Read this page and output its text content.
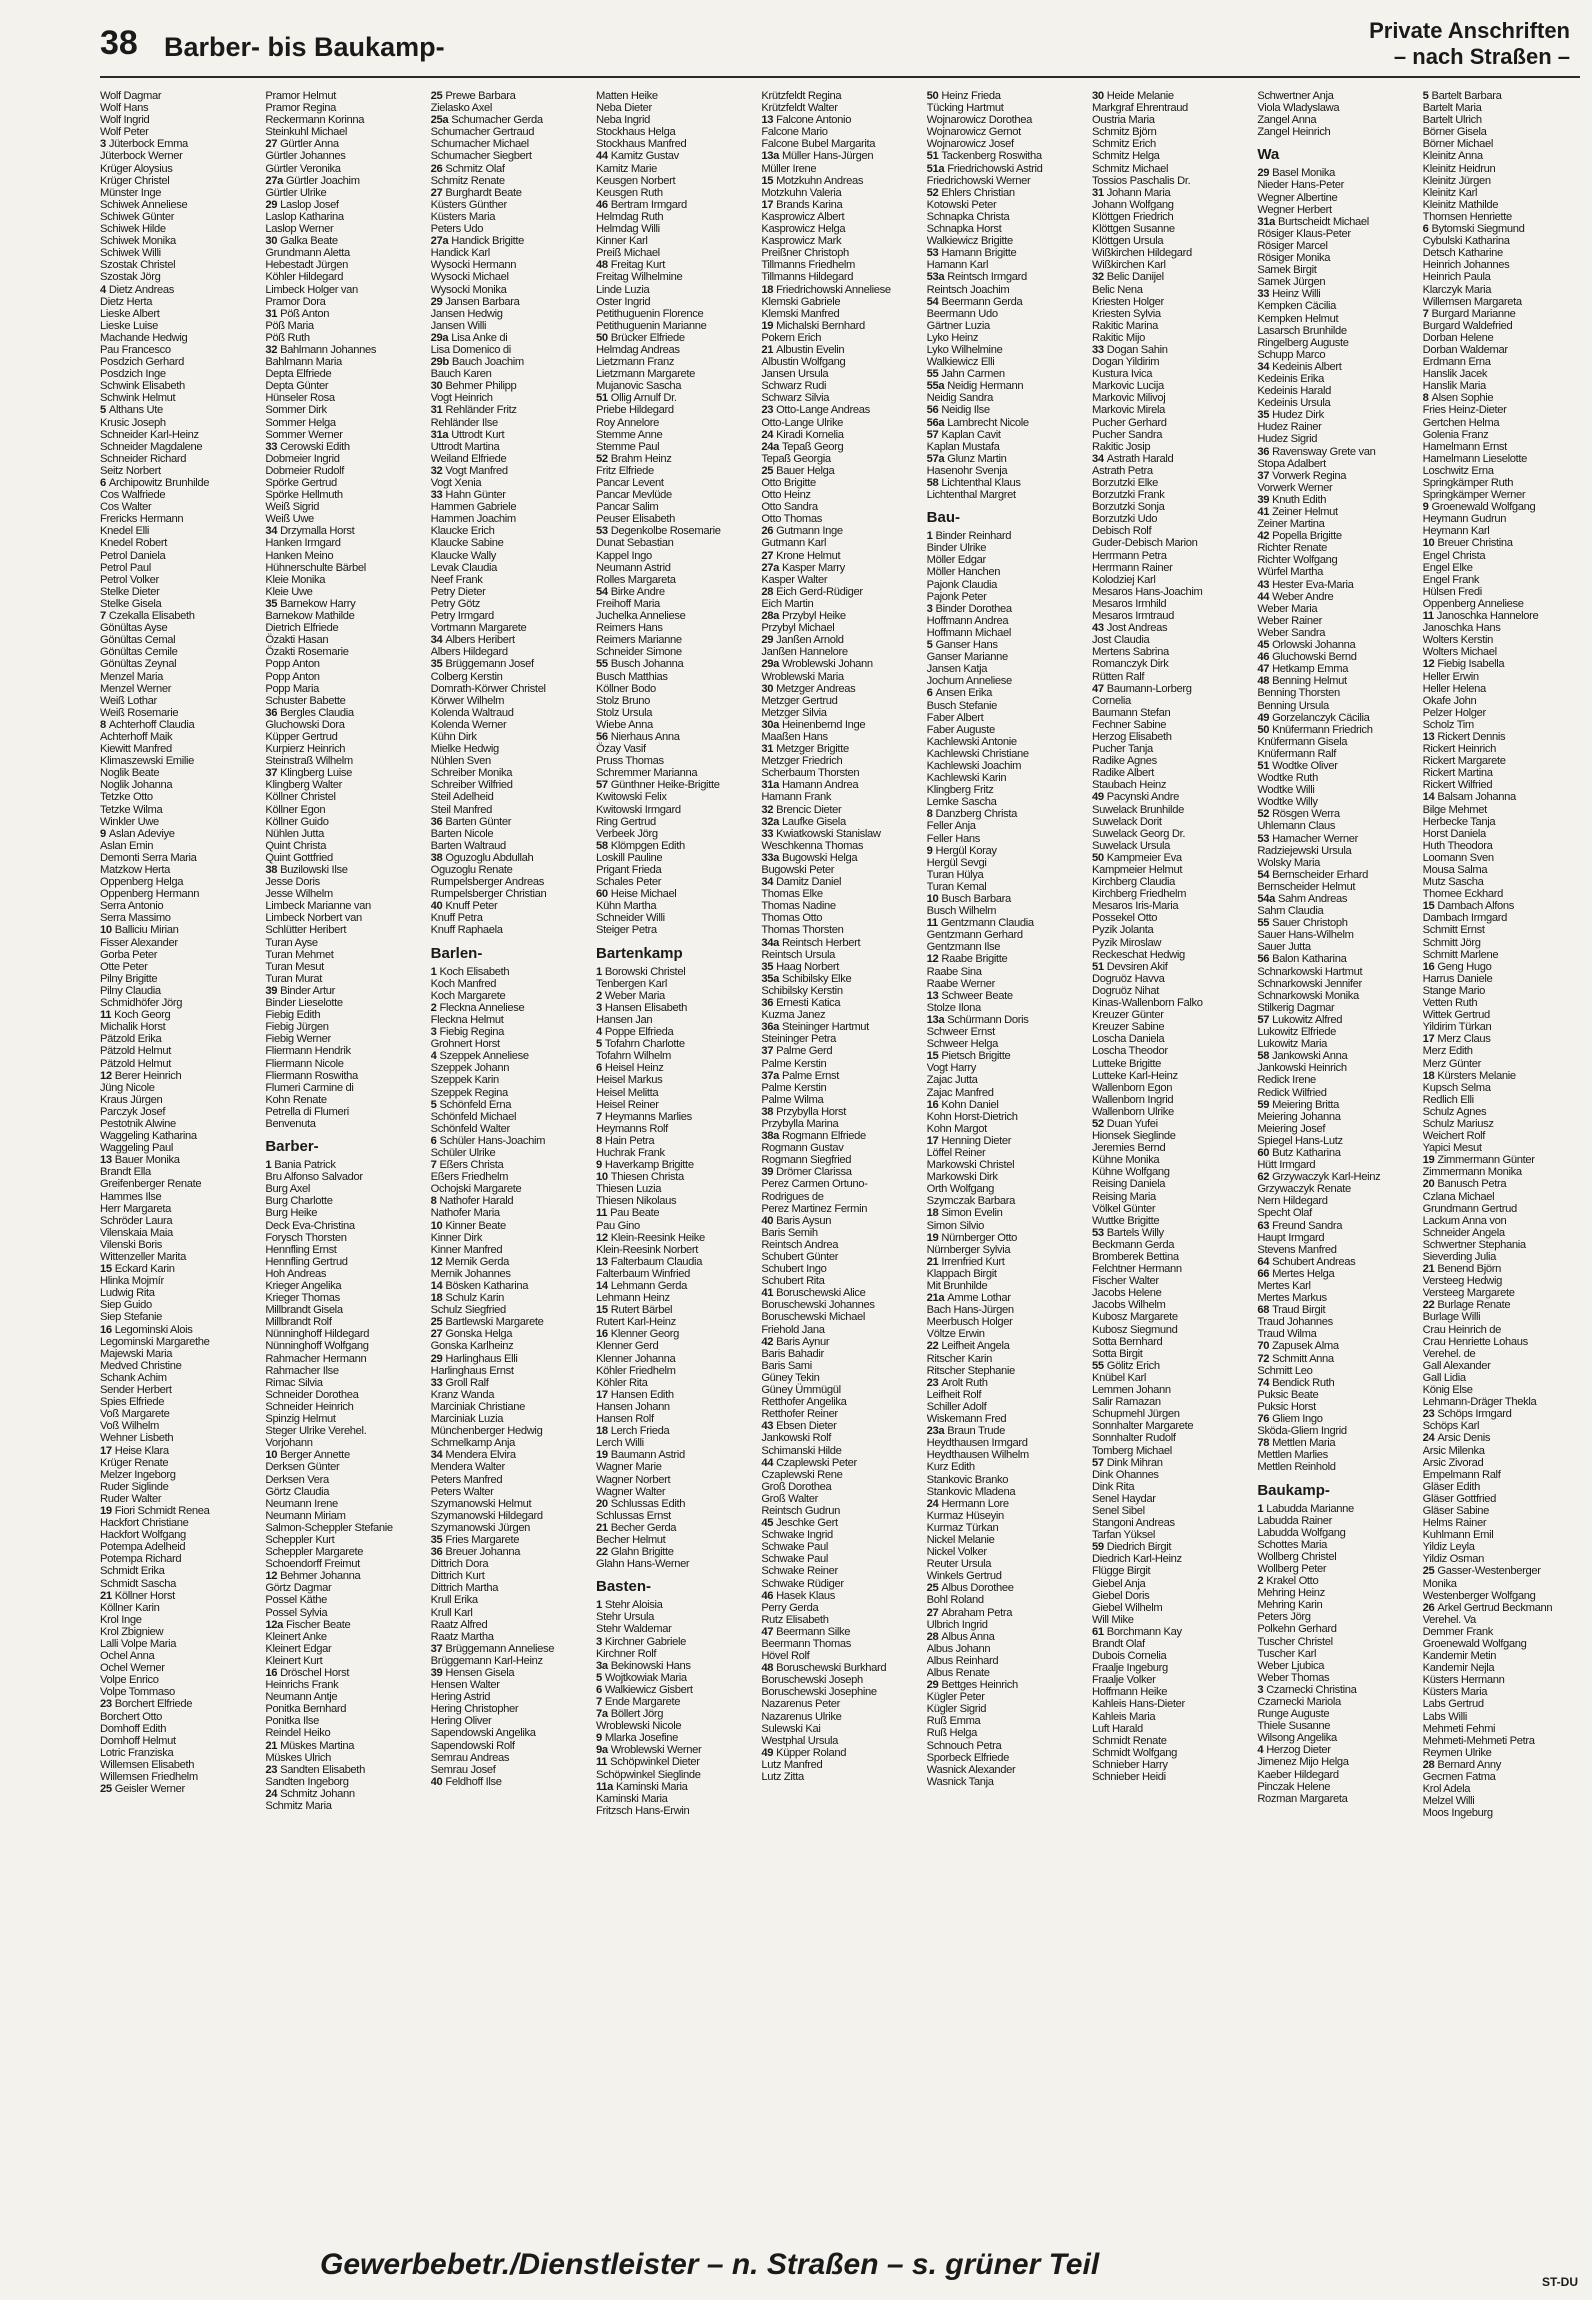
38 Barber- bis Baukamp-
Private Anschriften
– nach Straßen –
Wolf Dagmar
Wolf Hans
Wolf Ingrid
Wolf Peter
3 Jüterbock Emma
Jüterbock Werner
Krüger Aloysius
Krüger Christel
Münster Inge
Schiwek Anneliese
Schiwek Günter
Schiwek Hilde
Schiwek Monika
Schiwek Willi
Szostak Christel
Szostak Jörg
4 Dietz Andreas
Dietz Herta
Lieske Albert
Lieske Luise
Machande Hedwig
Pau Francesco
Posdzich Gerhard
Posdzich Inge
Schwink Elisabeth
Schwink Helmut
5 Althans Ute
Krusic Joseph
Schneider Karl-Heinz
Schneider Magdalene
Schneider Richard
Seitz Norbert
6 Archipowitz Brunhilde
Cos Walfriede
Cos Walter
Frericks Hermann
Knedel Elli
Knedel Robert
Petrol Daniela
Petrol Paul
Petrol Volker
Stelke Dieter
Stelke Gisela
7 Czekalla Elisabeth
Gönültas Ayse
Gönültas Cemal
Gönültas Cemile
Gönültas Zeynal
Menzel Maria
Menzel Werner
Weiß Lothar
Weiß Rosemarie
8 Achterhoff Claudia
Achterhoff Maik
Kiewitt Manfred
Klimaszewski Emilie
Noglik Beate
Noglik Johanna
Tetzke Otto
Tetzke Wilma
Winkler Uwe
9 Aslan Adeviye
Aslan Emin
Demonti Serra Maria
Matzkow Herta
Oppenberg Helga
Oppenberg Hermann
Serra Antonio
Serra Massimo
10 Balliciu Mirian
Fisser Alexander
Gorba Peter
Otte Peter
Pilny Brigitte
Pilny Claudia
Schmidhöfer Jörg
11 Koch Georg
Michalik Horst
Pätzold Erika
Pätzold Helmut
Pätzold Helmut
12 Berer Heinrich
Jüng Nicole
Kraus Jürgen
Parczyk Josef
Pestotnik Alwine
Waggeling Katharina
Waggeling Paul
13 Bauer Monika
Brandt Ella
Greifenberger Renate
Hammes Ilse
Herr Margareta
Schröder Laura
Vilenskaia Maia
Vilenski Boris
Wittenzeller Marita
15 Eckard Karin
Hlinka Mojmír
Ludwig Rita
Siep Guido
Siep Stefanie
16 Legominski Alois
Legominski Margarethe
Majewski Maria
Medved Christine
Schank Achim
Sender Herbert
Spies Elfriede
Voß Margarete
Voß Wilhelm
Wehner Lisbeth
17 Heise Klara
Krüger Renate
Melzer Ingeborg
Ruder Siglinde
Ruder Walter
19 Fiori Schmidt Renea
Hackfort Christiane
Hackfort Wolfgang
Potempa Adelheid
Potempa Richard
Schmidt Erika
Schmidt Sascha
21 Köllner Horst
Köllner Karin
Krol Inge
Krol Zbigniew
Lalli Volpe Maria
Ochel Anna
Ochel Werner
Volpe Enrico
Volpe Tommaso
23 Borchert Elfriede
Borchert Otto
Domhoff Edith
Domhoff Helmut
Lotric Franziska
Willemsen Elisabeth
Willemsen Friedhelm
25 Geisler Werner
Pramor Helmut
Pramor Regina
Reckermann Korinna
Steinkuhl Michael
27 Gürtler Anna
Gürtler Johannes
Gürtler Veronika
27a Gürtler Joachim
Gürtler Ulrike
29 Laslop Josef
Laslop Katharina
Laslop Werner
30 Galka Beate
Grundmann Aletta
Hebestadt Jürgen
Köhler Hildegard
Limbeck Holger van
Pramor Dora
31 Pöß Anton
Pöß Maria
Pöß Ruth
32 Bahlmann Johannes
Bahlmann Maria
Depta Elfriede
Depta Günter
Hünseler Rosa
Sommer Dirk
Sommer Helga
Sommer Werner
33 Cerowski Edith
Dobmeier Ingrid
Dobmeier Rudolf
Spörke Gertrud
Spörke Hellmuth
Weiß Sigrid
Weiß Uwe
34 Drzymalla Horst
Hanken Irmgard
Hanken Meino
Hühnerschulte Bärbel
Kleie Monika
Kleie Uwe
35 Barnekow Harry
Barnekow Mathilde
Dietrich Elfriede
Özakti Hasan
Özakti Rosemarie
Popp Anton
Popp Anton
Popp Maria
Schuster Babette
36 Bergles Claudia
Gluchowski Dora
Küpper Gertrud
Kurpierz Heinrich
Steinstraß Wilhelm
37 Klingberg Luise
Klingberg Walter
Köllner Christel
Köllner Egon
Köllner Guido
Nühlen Jutta
Quint Christa
Quint Gottfried
38 Buzilowski Ilse
Jesse Doris
Jesse Wilhelm
Limbeck Marianne van
Limbeck Norbert van
Schlütter Heribert
Turan Ayse
Turan Mehmet
Turan Mesut
Turan Murat
39 Binder Artur
Binder Lieselotte
Fiebig Edith
Fiebig Jürgen
Fiebig Werner
Fliermann Hendrik
Fliermann Nicole
Fliermann Roswitha
Flumeri Carmine di
Kohn Renate
Petrella di Flumeri
Benvenuta
Barber-
1 Bania Patrick
Bru Alfonso Salvador
Burg Axel
Burg Charlotte
Burg Heike
Deck Eva-Christina
Forysch Thorsten
Hennfling Ernst
Hennfling Gertrud
Hoh Andreas
Krieger Angelika
Krieger Thomas
Millbrandt Gisela
Millbrandt Rolf
Nünninghoff Hildegard
Nünninghoff Wolfgang
Rahmacher Hermann
Rahmacher Ilse
Rimac Silvia
Schneider Dorothea
Schneider Heinrich
Spinzig Helmut
Steger Ulrike Verehel.
Vorjohann
10 Berger Annette
Derksen Günter
Derksen Vera
Görtz Claudia
Neumann Irene
Neumann Miriam
Salmon-Scheppler Stefanie
Scheppler Kurt
Scheppler Margarete
Schoendorff Freimut
12 Behmer Johanna
Görtz Dagmar
Possel Käthe
Possel Sylvia
12a Fischer Beate
Kleinert Anke
Kleinert Edgar
Kleinert Kurt
16 Dröschel Horst
Heinrichs Frank
Neumann Antje
Ponitka Bernhard
Ponitka Ilse
Reindel Heiko
21 Müskes Martina
Müskes Ulrich
23 Sandten Elisabeth
Sandten Ingeborg
24 Schmitz Johann
Schmitz Maria
25 Prewe Barbara
Zielasko Axel
25a Schumacher Gerda
Schumacher Gertraud
Schumacher Michael
Schumacher Siegbert
26 Schmitz Olaf
Schmitz Renate
27 Burghardt Beate
Küsters Günther
Küsters Maria
Peters Udo
27a Handick Brigitte
Handick Karl
Wysocki Hermann
Wysocki Michael
Wysocki Monika
29 Jansen Barbara
Jansen Hedwig
Jansen Willi
29a Lisa Anke di
Lisa Domenico di
29b Bauch Joachim
Bauch Karen
30 Behmer Philipp
Vogt Heinrich
31 Rehländer Fritz
Rehländer Ilse
31a Uttrodt Kurt
Uttrodt Martina
Weiland Elfriede
32 Vogt Manfred
Vogt Xenia
33 Hahn Günter
Hammen Gabriele
Hammen Joachim
Klaucke Erich
Klaucke Sabine
Klaucke Wally
Levak Claudia
Neef Frank
Petry Dieter
Petry Götz
Petry Irmgard
Vortmann Margarete
34 Albers Heribert
Albers Hildegard
35 Brüggemann Josef
Colberg Kerstin
Domrath-Körwer Christel
Körwer Wilhelm
Kolenda Waltraud
Kolenda Werner
Kühn Dirk
Mielke Hedwig
Nühlen Sven
Schreiber Monika
Schreiber Wilfried
Steil Adelheid
Steil Manfred
36 Barten Günter
Barten Nicole
Barten Waltraud
38 Oguzoglu Abdullah
Oguzoglu Renate
Rumpelsberger Andreas
Rumpelsberger Christian
40 Knuff Peter
Knuff Petra
Knuff Raphaela
Barlen-
1 Koch Elisabeth
Koch Manfred
Koch Margarete
2 Fleckna Anneliese
Fleckna Helmut
3 Fiebig Regina
Grohnert Horst
4 Szeppek Anneliese
Szeppek Johann
Szeppek Karin
Szeppek Regina
5 Schönfeld Erna
Schönfeld Michael
Schönfeld Walter
6 Schüler Hans-Joachim
Schüler Ulrike
7 Eßers Christa
Eßers Friedhelm
Ochojski Margarete
8 Nathofer Harald
Nathofer Maria
10 Kinner Beate
Kinner Dirk
Kinner Manfred
12 Mernik Gerda
Mernik Johannes
14 Bösken Katharina
18 Schulz Karin
Schulz Siegfried
25 Bartlewski Margarete
27 Gonska Helga
Gonska Karlheinz
29 Harlinghaus Elli
Harlinghaus Ernst
33 Groll Ralf
Kranz Wanda
Marciniak Christiane
Marciniak Luzia
Münchenberger Hedwig
Schmelkamp Anja
34 Mendera Elvira
Mendera Walter
Peters Manfred
Peters Walter
Szymanowski Helmut
Szymanowski Hildegard
Szymanowski Jürgen
35 Fries Margarete
36 Breuer Johanna
Dittrich Dora
Dittrich Kurt
Dittrich Martha
Krull Erika
Krull Karl
Raatz Alfred
Raatz Martha
37 Brüggemann Anneliese
Brüggemann Karl-Heinz
39 Hensen Gisela
Hensen Walter
Hering Astrid
Hering Christopher
Hering Oliver
Sapendowski Angelika
Sapendowski Rolf
Semrau Andreas
Semrau Josef
40 Feldhoff Ilse
Matten Heike
Neba Dieter
Neba Ingrid
Stockhaus Helga
Stockhaus Manfred
44 Kamitz Gustav
Kamitz Marie
Keusgen Norbert
Keusgen Ruth
46 Bertram Irmgard
Helmdag Ruth
Helmdag Willi
Kinner Karl
Preiß Michael
48 Freitag Kurt
Freitag Wilhelmine
Linde Luzia
Oster Ingrid
Petithuguenin Florence
Petithuguenin Marianne
50 Brücker Elfriede
Helmdag Andreas
Lietzmann Franz
Lietzmann Margarete
Mujanovic Sascha
51 Ollig Arnulf Dr.
Priebe Hildegard
Roy Annelore
Stemme Anne
Stemme Paul
52 Brahm Heinz
Fritz Elfriede
Pancar Levent
Pancar Mevlüde
Pancar Salim
Peuser Elisabeth
53 Degenkolbe Rosemarie
Dunat Sebastian
Kappel Ingo
Neumann Astrid
Rolles Margareta
54 Birke Andre
Freihoff Maria
Juchelka Anneliese
Reimers Hans
Reimers Marianne
Schneider Simone
55 Busch Johanna
Busch Matthias
Köllner Bodo
Stolz Bruno
Stolz Ursula
Wiebe Anna
56 Nierhaus Anna
Özay Vasif
Pruss Thomas
Schremmer Marianna
57 Günthner Heike-Brigitte
Kwitowski Felix
Kwitowski Irmgard
Ring Gertrud
Verbeek Jörg
58 Klömpgen Edith
Loskill Pauline
Prigant Frieda
Schales Peter
60 Heise Michael
Kühn Martha
Schneider Willi
Steiger Petra
Bartenkamp
1 Borowski Christel
Tenbergen Karl
2 Weber Maria
3 Hansen Elisabeth
Hansen Jan
4 Poppe Elfrieda
5 Tofahrn Charlotte
Tofahrn Wilhelm
6 Heisel Heinz
Heisel Markus
Heisel Melitta
Heisel Reiner
7 Heymanns Marlies
Heymanns Rolf
8 Hain Petra
Huchrak Frank
9 Haverkamp Brigitte
10 Thiesen Christa
Thiesen Luzia
Thiesen Nikolaus
11 Pau Beate
Pau Gino
12 Klein-Reesink Heike
Klein-Reesink Norbert
13 Falterbaum Claudia
Falterbaum Winfried
14 Lehmann Gerda
Lehmann Heinz
15 Rutert Bärbel
Rutert Karl-Heinz
16 Klenner Georg
Klenner Gerd
Klenner Johanna
Köhler Friedhelm
Köhler Rita
17 Hansen Edith
Hansen Johann
Hansen Rolf
18 Lerch Frieda
Lerch Willi
19 Baumann Astrid
Wagner Marie
Wagner Norbert
Wagner Walter
20 Schlussas Edith
Schlussas Ernst
21 Becher Gerda
Becher Helmut
22 Glahn Brigitte
Glahn Hans-Werner
Basten-
1 Stehr Aloisia
Stehr Ursula
Stehr Waldemar
3 Kirchner Gabriele
Kirchner Rolf
3a Bekinowski Hans
5 Wojtkowiak Maria
6 Walkiewicz Gisbert
7 Ende Margarete
7a Böllert Jörg
Wroblewski Nicole
9 Mlarka Josefine
9a Wroblewski Werner
11 Schöpwinkel Dieter
Schöpwinkel Sieglinde
11a Kaminski Maria
Kaminski Maria
Fritzsch Hans-Erwin
Krützfeldt Regina
Krützfeldt Walter
13 Falcone Antonio
Falcone Mario
Falcone Bubel Margarita
13a Müller Hans-Jürgen
Müller Irene
15 Motzkuhn Andreas
Motzkuhn Valeria
17 Brands Karina
Kasprowicz Albert
Kasprowicz Helga
Kasprowicz Mark
Preißner Christoph
Tillmanns Friedhelm
Tillmanns Hildegard
18 Friedrichowski Anneliese
Klemski Gabriele
Klemski Manfred
19 Michalski Bernhard
Pokern Erich
21 Albustin Evelin
Albustin Wolfgang
Jansen Ursula
Schwarz Rudi
Schwarz Silvia
23 Otto-Lange Andreas
Otto-Lange Ulrike
24 Kiradi Kornelia
24a Tepaß Georg
Tepaß Georgia
25 Bauer Helga
Otto Brigitte
Otto Heinz
Otto Sandra
Otto Thomas
26 Gutmann Inge
Gutmann Karl
27 Krone Helmut
27a Kasper Marry
Kasper Walter
28 Eich Gerd-Rüdiger
Eich Martin
28a Przybyl Heike
Przybyl Michael
29 Janßen Arnold
Janßen Hannelore
29a Wroblewski Johann
Wroblewski Maria
30 Metzger Andreas
Metzger Gertrud
Metzger Silvia
30a Heinenbernd Inge
Maaßen Hans
31 Metzger Brigitte
Metzger Friedrich
Scherbaum Thorsten
31a Hamann Andrea
Hamann Frank
32 Brencic Dieter
32a Laufke Gisela
33 Kwiatkowski Stanislaw
Weschkenna Thomas
33a Bugowski Helga
Bugowski Peter
34 Damitz Daniel
Thomas Elke
Thomas Nadine
Thomas Otto
Thomas Thorsten
34a Reintsch Herbert
Reintsch Ursula
35 Haag Norbert
35a Schibilsky Elke
Schibilsky Kerstin
36 Ernesti Katica
Kuzma Janez
36a Steininger Hartmut
Steininger Petra
37 Palme Gerd
Palme Kerstin
37a Palme Ernst
Palme Kerstin
Palme Wilma
38 Przybylla Horst
Przybylla Marina
38a Rogmann Elfriede
Rogmann Gustav
Rogmann Siegfried
39 Drömer Clarissa
Perez Carmen Ortuno-
Rodrigues de
Perez Martinez Fermin
40 Baris Aysun
Baris Semih
Reintsch Andrea
Schubert Günter
Schubert Ingo
Schubert Rita
41 Boruschewski Alice
Boruschewski Johannes
Boruschewski Michael
Friehold Jana
42 Baris Aynur
Baris Bahadir
Baris Sami
Güney Tekin
Güney Ümmügül
Retthofer Angelika
Retthofer Reiner
43 Ebsen Dieter
Jankowski Rolf
Schimanski Hilde
44 Czaplewski Peter
Czaplewski Rene
Groß Dorothea
Groß Walter
Reintsch Gudrun
45 Jeschke Gert
Schwake Ingrid
Schwake Paul
Schwake Paul
Schwake Reiner
Schwake Rüdiger
46 Hasek Klaus
Perry Gerda
Rutz Elisabeth
47 Beermann Silke
Beermann Thomas
Hövel Rolf
48 Boruschewski Burkhard
Boruschewski Joseph
Boruschewski Josephine
Nazarenus Peter
Nazarenus Ulrike
Sulewski Kai
Westphal Ursula
49 Küpper Roland
Lutz Manfred
Lutz Zitta
50 Heinz Frieda
Tücking Hartmut
Wojnarowicz Dorothea
Wojnarowicz Gernot
Wojnarowicz Josef
51 Tackenberg Roswitha
51a Friedrichowski Astrid
Friedrichowski Werner
52 Ehlers Christian
Kotowski Peter
Schnapka Christa
Schnapka Horst
Walkiewicz Brigitte
53 Hamann Brigitte
Hamann Karl
53a Reintsch Irmgard
Reintsch Joachim
54 Beermann Gerda
Beermann Udo
Gärtner Luzia
Lyko Heinz
Lyko Wilhelmine
Walkiewicz Elli
55 Jahn Carmen
55a Neidig Hermann
Neidig Sandra
56 Neidig Ilse
56a Lambrecht Nicole
57 Kaplan Cavit
Kaplan Mustafa
57a Glunz Martin
Hasenohr Svenja
58 Lichtenthal Klaus
Lichtenthal Margret
Bau-
1 Binder Reinhard
Binder Ulrike
Möller Edgar
Möller Hanchen
Pajonk Claudia
Pajonk Peter
3 Binder Dorothea
Hoffmann Andrea
Hoffmann Michael
5 Ganser Hans
Ganser Marianne
Jansen Katja
Jochum Anneliese
6 Ansen Erika
Busch Stefanie
Faber Albert
Faber Auguste
Kachlewski Antonie
Kachlewski Christiane
Kachlewski Joachim
Kachlewski Karin
Klingberg Fritz
Lemke Sascha
8 Danzberg Christa
Feller Anja
Feller Hans
9 Hergül Koray
Hergül Sevgi
Turan Hülya
Turan Kemal
10 Busch Barbara
Busch Wilhelm
11 Gentzmann Claudia
Gentzmann Gerhard
Gentzmann Ilse
12 Raabe Brigitte
Raabe Sina
Raabe Werner
13 Schweer Beate
Stolze Ilona
13a Schürmann Doris
Schweer Ernst
Schweer Helga
15 Pietsch Brigitte
Vogt Harry
Zajac Jutta
Zajac Manfred
16 Kohn Daniel
Kohn Horst-Dietrich
Kohn Margot
17 Henning Dieter
Löffel Reiner
Markowski Christel
Markowski Dirk
Orth Wolfgang
Szymczak Barbara
18 Simon Evelin
Simon Silvio
19 Nürnberger Otto
Nürnberger Sylvia
21 Irrenfried Kurt
Klappach Birgit
Mit Brunhilde
21a Amme Lothar
Bach Hans-Jürgen
Meerbusch Holger
Völtze Erwin
22 Leifheit Angela
Ritscher Karin
Ritscher Stephanie
23 Arolt Ruth
Leifheit Rolf
Schiller Adolf
Wiskemann Fred
23a Braun Trude
Heydthausen Irmgard
Heydthausen Wilhelm
Kurz Edith
Stankovic Branko
Stankovic Mladena
24 Hermann Lore
Kurmaz Hüseyin
Kurmaz Türkan
Nickel Melanie
Nickel Volker
Reuter Ursula
Winkels Gertrud
25 Albus Dorothee
Bohl Roland
27 Abraham Petra
Ulbrich Ingrid
28 Albus Anna
Albus Johann
Albus Reinhard
Albus Renate
29 Bettges Heinrich
Kügler Peter
Kügler Sigrid
Ruß Emma
Ruß Helga
Schnouch Petra
Sporbeck Elfriede
Wasnick Alexander
Wasnick Tanja
30 Heide Melanie
Markgraf Ehrentraud
Oustria Maria
Schmitz Björn
Schmitz Erich
Schmitz Helga
Schmitz Michael
Tossios Paschalis Dr.
31 Johann Maria
Johann Wolfgang
Klöttgen Friedrich
Klöttgen Susanne
Klöttgen Ursula
Wißkirchen Hildegard
Wißkirchen Karl
32 Belic Danijel
Belic Nena
Kriesten Holger
Kriesten Sylvia
Rakitic Marina
Rakitic Mijo
33 Dogan Sahin
Dogan Yildirim
Kustura Ivica
Markovic Lucija
Markovic Milivoj
Markovic Mirela
Pucher Gerhard
Pucher Sandra
Rakitic Josip
34 Astrath Harald
Astrath Petra
Borzutzki Elke
Borzutzki Frank
Borzutzki Sonja
Borzutzki Udo
Debisch Rolf
Guder-Debisch Marion
Herrmann Petra
Herrmann Rainer
Kolodziej Karl
Mesaros Hans-Joachim
Mesaros Irmhild
Mesaros Irmtraud
43 Jost Andreas
Jost Claudia
Mertens Sabrina
Romanczyk Dirk
Rütten Ralf
47 Baumann-Lorberg
Cornelia
Baumann Stefan
Fechner Sabine
Herzog Elisabeth
Pucher Tanja
Radike Agnes
Radike Albert
Staubach Heinz
49 Pacynski Andre
Suwelack Brunhilde
Suwelack Dorit
Suwelack Georg Dr.
Suwelack Ursula
50 Kampmeier Eva
Kampmeier Helmut
Kirchberg Claudia
Kirchberg Friedhelm
Mesaros Iris-Maria
Possekel Otto
Pyzik Jolanta
Pyzik Miroslaw
Reckeschat Hedwig
51 Devsiren Akif
Dogruöz Havva
Dogruöz Nihat
Kinas-Wallenborn Falko
Kreuzer Günter
Kreuzer Sabine
Loscha Daniela
Loscha Theodor
Lutteke Brigitte
Lutteke Karl-Heinz
Wallenborn Egon
Wallenborn Ingrid
Wallenborn Ulrike
52 Duan Yufei
Hionsek Sieglinde
Jeremies Bernd
Kühne Monika
Kühne Wolfgang
Reising Daniela
Reising Maria
Völkel Günter
Wuttke Brigitte
53 Bartels Willy
Beckmann Gerda
Bromberek Bettina
Felchtner Hermann
Fischer Walter
Jacobs Helene
Jacobs Wilhelm
Kubosz Margarete
Kubosz Siegmund
Sotta Bernhard
Sotta Birgit
55 Gölitz Erich
Knübel Karl
Lemmen Johann
Salir Ramazan
Schupmehl Jürgen
Sonnhalter Margarete
Sonnhalter Rudolf
Tomberg Michael
57 Dink Mihran
Dink Ohannes
Dink Rita
Senel Haydar
Senel Sibel
Stangoni Andreas
Tarfan Yüksel
59 Diedrich Birgit
Diedrich Karl-Heinz
Flügge Birgit
Giebel Anja
Giebel Doris
Giebel Wilhelm
Will Mike
61 Borchmann Kay
Brandt Olaf
Dubois Cornelia
Fraalje Ingeburg
Fraalje Volker
Hoffmann Heike
Kahleis Hans-Dieter
Kahleis Maria
Luft Harald
Schmidt Renate
Schmidt Wolfgang
Schnieber Harry
Schnieber Heidi
Schwertner Anja
Viola Wladyslawa
Zangel Anna
Zangel Heinrich
Wa
29 Basel Monika
Nieder Hans-Peter
Wegner Albertine
Wegner Herbert
31a Burtscheidt Michael
Rösiger Klaus-Peter
Rösiger Marcel
Rösiger Monika
Samek Birgit
Samek Jürgen
33 Heinz Willi
Kempken Cäcilia
Kempken Helmut
Lasarsch Brunhilde
Ringelberg Auguste
Schupp Marco
34 Kedeinis Albert
Kedeinis Erika
Kedeinis Harald
Kedeinis Ursula
35 Hudez Dirk
Hudez Rainer
Hudez Sigrid
36 Ravensway Grete van
Stopa Adalbert
37 Vorwerk Regina
Vorwerk Werner
39 Knuth Edith
41 Zeiner Helmut
Zeiner Martina
42 Popella Brigitte
Richter Renate
Richter Wolfgang
Würfel Martha
43 Hester Eva-Maria
44 Weber Andre
Weber Maria
Weber Rainer
Weber Sandra
45 Orlowski Johanna
46 Gluchowski Bernd
47 Hetkamp Emma
48 Benning Helmut
Benning Thorsten
Benning Ursula
49 Gorzelanczyk Cäcilia
50 Knüfermann Friedrich
Knüfermann Gisela
Knüfermann Ralf
51 Wodtke Oliver
Wodtke Ruth
Wodtke Willi
Wodtke Willy
52 Rösgen Werra
Uhlemann Claus
53 Hamacher Werner
Radziejewski Ursula
Wolsky Maria
54 Bernscheider Erhard
Bernscheider Helmut
54a Sahm Andreas
Sahm Claudia
55 Sauer Christoph
Sauer Hans-Wilhelm
Sauer Jutta
56 Balon Katharina
Schnarkowski Hartmut
Schnarkowski Jennifer
Schnarkowski Monika
Stilkerig Dagmar
57 Lukowitz Alfred
Lukowitz Elfriede
Lukowitz Maria
58 Jankowski Anna
Jankowski Heinrich
Redick Irene
Redick Wilfried
59 Meiering Britta
Meiering Johanna
Meiering Josef
Spiegel Hans-Lutz
60 Butz Katharina
Hütt Irmgard
62 Grzywaczyk Karl-Heinz
Grzywaczyk Renate
Nern Hildegard
Specht Olaf
63 Freund Sandra
Haupt Irmgard
Stevens Manfred
64 Schubert Andreas
66 Mertes Helga
Mertes Karl
Mertes Markus
68 Traud Birgit
Traud Johannes
Traud Wilma
70 Zapusek Alma
72 Schmitt Anna
Schmitt Leo
74 Bendick Ruth
Puksic Beate
Puksic Horst
76 Gliem Ingo
Sköda-Gliem Ingrid
78 Mettlen Maria
Mettlen Marlies
Mettlen Reinhold
Baukamp-
1 Labudda Marianne
Labudda Rainer
Labudda Wolfgang
Schottes Maria
Wollberg Christel
Wollberg Peter
2 Krakel Otto
Mehring Heinz
Mehring Karin
Peters Jörg
Polkehn Gerhard
Tuscher Christel
Tuscher Karl
Weber Ljubica
Weber Thomas
3 Czarnecki Christina
Czarnecki Mariola
Runge Auguste
Thiele Susanne
Wilsong Angelika
4 Herzog Dieter
Jimenez Mijo Helga
Kaeber Hildegard
Pinczak Helene
Rozman Margareta
5 Bartelt Barbara
Bartelt Maria
Bartelt Ulrich
Börner Gisela
Börner Michael
Kleinitz Anna
Kleinitz Heidrun
Kleinitz Jürgen
Kleinitz Karl
Kleinitz Mathilde
Thomsen Henriette
6 Bytomski Siegmund
Cybulski Katharina
Detsch Katharine
Heinrich Johannes
Heinrich Paula
Klarczyk Maria
Willemsen Margareta
7 Burgard Marianne
Burgard Waldefried
Dorban Helene
Dorban Waldemar
Erdmann Erna
Hanslik Jacek
Hanslik Maria
8 Alsen Sophie
Fries Heinz-Dieter
Gertchen Helma
Golenia Franz
Hamelmann Ernst
Hamelmann Lieselotte
Loschwitz Erna
Springkämper Ruth
Springkämper Werner
9 Groenewald Wolfgang
Heymann Gudrun
Heymann Karl
10 Breuer Christina
Engel Christa
Engel Elke
Engel Frank
Hülsen Fredi
Oppenberg Anneliese
11 Janoschka Hannelore
Janoschka Hans
Wolters Kerstin
Wolters Michael
12 Fiebig Isabella
Heller Erwin
Heller Helena
Okafe John
Pelzer Holger
Scholz Tim
13 Rickert Dennis
Rickert Heinrich
Rickert Margarete
Rickert Martina
Rickert Wilfried
14 Balsam Johanna
Bilge Mehmet
Herbecke Tanja
Horst Daniela
Huth Theodora
Loomann Sven
Mousa Salma
Mutz Sascha
Thomee Eckhard
15 Dambach Alfons
Dambach Irmgard
Schmitt Ernst
Schmitt Jörg
Schmitt Marlene
16 Geng Hugo
Harrus Daniele
Stange Mario
Vetten Ruth
Wittek Gertrud
Yildirim Türkan
17 Merz Claus
Merz Edith
Merz Günter
18 Kürsters Melanie
Kupsch Selma
Redlich Elli
Schulz Agnes
Schulz Mariusz
Weichert Rolf
Yapici Mesut
19 Zimmermann Günter
Zimmermann Monika
20 Banusch Petra
Czlana Michael
Grundmann Gertrud
Lackum Anna von
Schneider Angela
Schwertner Stephania
Sieverding Julia
21 Benend Björn
Versteeg Hedwig
Versteeg Margarete
22 Burlage Renate
Burlage Willi
Crau Heinrich de
Crau Henriette Lohaus
Verehel. de
Gall Alexander
Gall Lidia
König Else
Lehmann-Dräger Thekla
23 Schöps Irmgard
Schöps Karl
24 Arsic Denis
Arsic Milenka
Arsic Zivorad
Empelmann Ralf
Gläser Edith
Gläser Gottfried
Gläser Sabine
Helms Rainer
Kuhlmann Emil
Yildiz Leyla
Yildiz Osman
25 Gasser-Westenberger
Monika
Westenberger Wolfgang
26 Arkel Gertrud Beckmann
Verehel. Va
Demmer Frank
Groenewald Wolfgang
Kandemir Metin
Kandemir Nejla
Küsters Hermann
Küsters Maria
Labs Gertrud
Labs Willi
Mehmeti Fehmi
Mehmeti-Mehmeti Petra
Reymen Ulrike
28 Bernard Anny
Gecmen Fatma
Krol Adela
Melzel Willi
Moos Ingeburg
Gewerbebetr./Dienstleister – n. Straßen – s. grüner Teil
ST-DU
